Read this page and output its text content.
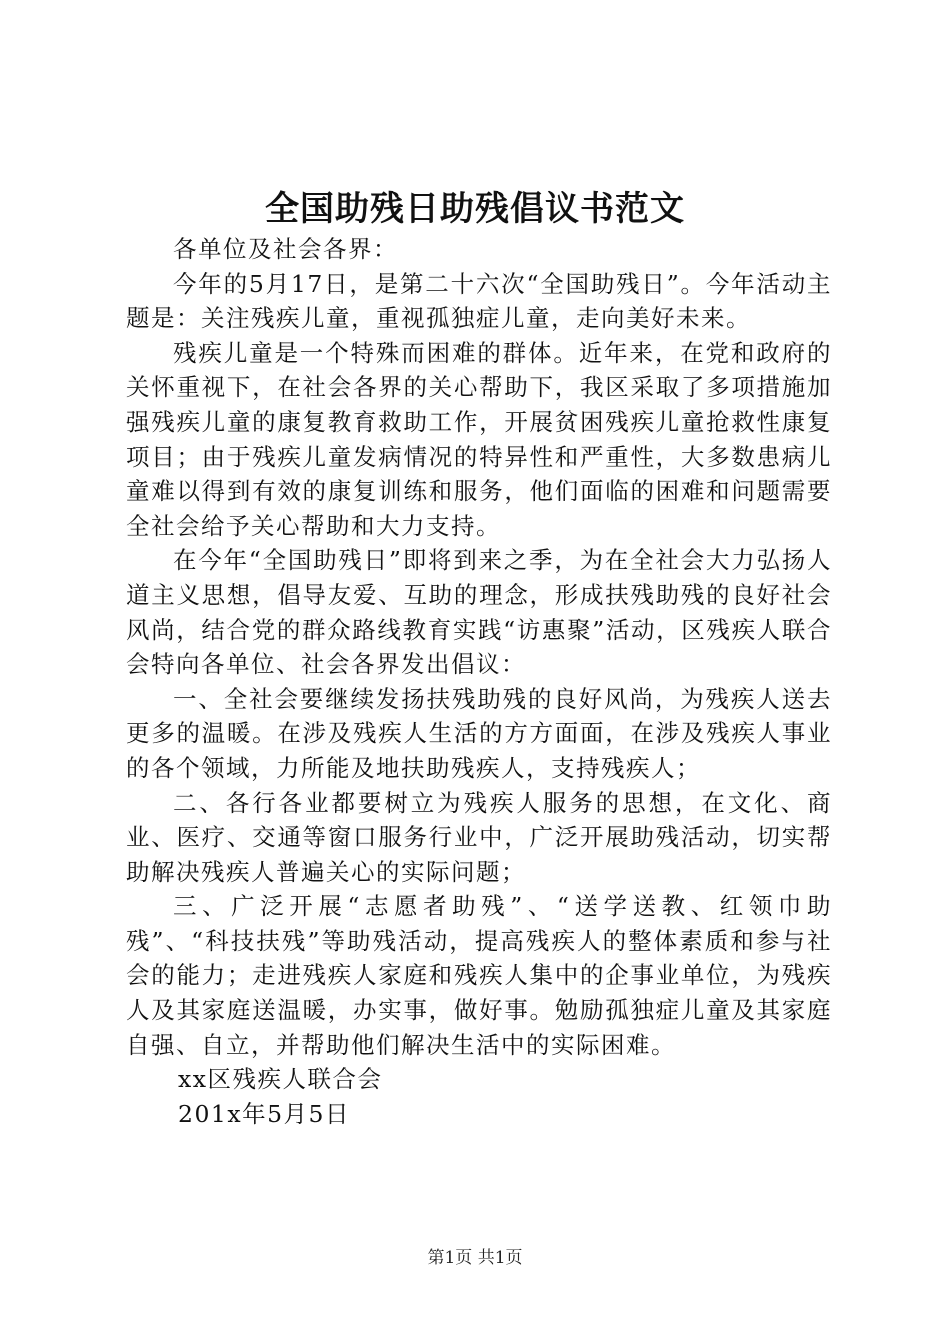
全国助残日助残倡议书范文

各单位及社会各界：

今年的5月17日，是第二十六次“全国助残日”。今年活动主题是：关注残疾儿童，重视孤独症儿童，走向美好未来。

残疾儿童是一个特殊而困难的群体。近年来，在党和政府的关怀重视下，在社会各界的关心帮助下，我区采取了多项措施加强残疾儿童的康复教育救助工作，开展贫困残疾儿童抢救性康复项目；由于残疾儿童发病情况的特异性和严重性，大多数患病儿童难以得到有效的康复训练和服务，他们面临的困难和问题需要全社会给予关心帮助和大力支持。

在今年“全国助残日”即将到来之季，为在全社会大力弘扬人道主义思想，倡导友爱、互助的理念，形成扶残助残的良好社会风尚，结合党的群众路线教育实践“访惠聚”活动，区残疾人联合会特向各单位、社会各界发出倡议：

一、全社会要继续发扬扶残助残的良好风尚，为残疾人送去更多的温暖。在涉及残疾人生活的方方面面，在涉及残疾人事业的各个领域，力所能及地扶助残疾人，支持残疾人；

二、各行各业都要树立为残疾人服务的思想，在文化、商业、医疗、交通等窗口服务行业中，广泛开展助残活动，切实帮助解决残疾人普遍关心的实际问题；

三、广泛开展“志愿者助残”、“送学送教、红领巾助残”、“科技扶残”等助残活动，提高残疾人的整体素质和参与社会的能力；走进残疾人家庭和残疾人集中的企事业单位，为残疾人及其家庭送温暖，办实事，做好事。勉励孤独症儿童及其家庭自强、自立，并帮助他们解决生活中的实际困难。

xx区残疾人联合会
201x年5月5日
第1页 共1页
